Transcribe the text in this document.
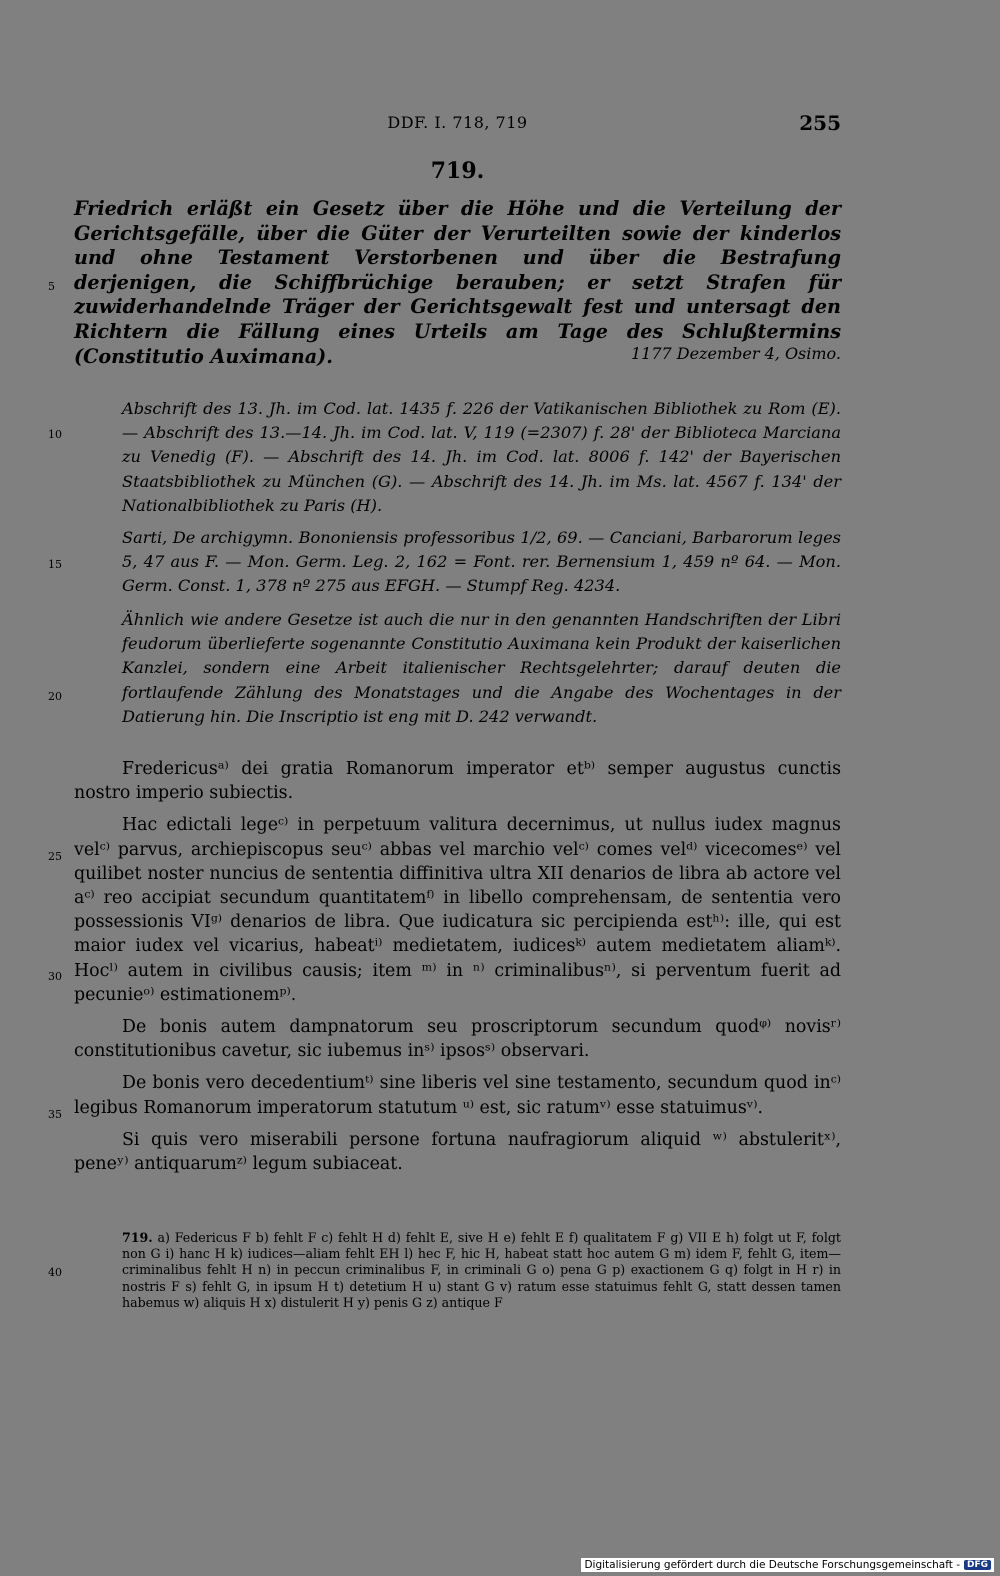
DDF. I. 718, 719	255
719.
5
10
15
20
25
30
35
40
Friedrich erläßt ein Gesetz über die Höhe und die Verteilung der Gerichtsgefälle, über die Güter der Verurteilten sowie der kinderlos und ohne Testament Verstorbenen und über die Bestrafung derjenigen, die Schiffbrüchige berauben; er setzt Strafen für zuwiderhandelnde Träger der Gerichtsgewalt fest und untersagt den Richtern die Fällung eines Urteils am Tage des Schlußtermins (Constitutio Auximana).	1177 Dezember 4, Osimo.
Abschrift des 13. Jh. im Cod. lat. 1435 f. 226 der Vatikanischen Bibliothek zu Rom (E). — Abschrift des 13.—14. Jh. im Cod. lat. V, 119 (=2307) f. 28' der Biblioteca Marciana zu Venedig (F). — Abschrift des 14. Jh. im Cod. lat. 8006 f. 142' der Bayerischen Staatsbibliothek zu München (G). — Abschrift des 14. Jh. im Ms. lat. 4567 f. 134' der Nationalbibliothek zu Paris (H).
Sarti, De archigymn. Bononiensis professoribus 1/2, 69. — Canciani, Barbarorum leges 5, 47 aus F. — Mon. Germ. Leg. 2, 162 = Font. rer. Bernensium 1, 459 nº 64. — Mon. Germ. Const. 1, 378 nº 275 aus EFGH. — Stumpf Reg. 4234.
Ähnlich wie andere Gesetze ist auch die nur in den genannten Handschriften der Libri feudorum überlieferte sogenannte Constitutio Auximana kein Produkt der kaiserlichen Kanzlei, sondern eine Arbeit italienischer Rechtsgelehrter; darauf deuten die fortlaufende Zählung des Monatstages und die Angabe des Wochentages in der Datierung hin. Die Inscriptio ist eng mit D. 242 verwandt.

Fredericusᵃ⁾ dei gratia Romanorum imperator etᵇ⁾ semper augustus cunctis nostro imperio subiectis.

Hac edictali legeᶜ⁾ in perpetuum valitura decernimus, ut nullus iudex magnus velᶜ⁾ parvus, archiepiscopus seuᶜ⁾ abbas vel marchio velᶜ⁾ comes velᵈ⁾ vicecomesᵉ⁾ vel quilibet noster nuncius de sententia diffinitiva ultra XII denarios de libra ab actore vel aᶜ⁾ reo accipiat secundum quantitatemᶠ⁾ in libello comprehensam, de sententia vero possessionis VIᵍ⁾ denarios de libra. Que iudicatura sic percipienda estʰ⁾: ille, qui est maior iudex vel vicarius, habeatⁱ⁾ medietatem, iudicesᵏ⁾ autem medietatem aliamᵏ⁾. Hocˡ⁾ autem in civilibus causis; item ᵐ⁾ in ⁿ⁾ criminalibusⁿ⁾, si perventum fuerit ad pecunieᵒ⁾ estimationemᵖ⁾.

De bonis autem dampnatorum seu proscriptorum secundum quodᵠ⁾ novisʳ⁾ constitutionibus cavetur, sic iubemus inˢ⁾ ipsosˢ⁾ observari.

De bonis vero decedentiumᵗ⁾ sine liberis vel sine testamento, secundum quod inᶜ⁾ legibus Romanorum imperatorum statutum ᵘ⁾ est, sic ratumᵛ⁾ esse statuimusᵛ⁾.

Si quis vero miserabili persone fortuna naufragiorum aliquid ʷ⁾ abstuleritˣ⁾, peneʸ⁾ antiquarumᶻ⁾ legum subiaceat.

719. a) Federicus F b) fehlt F c) fehlt H d) fehlt E, sive H e) fehlt E f) qualitatem F g) VII E h) folgt ut F, folgt non G i) hanc H k) iudices—aliam fehlt EH l) hec F, hic H, habeat statt hoc autem G m) idem F, fehlt G, item—criminalibus fehlt H n) in peccun criminalibus F, in criminali G o) pena G p) exactionem G q) folgt in H r) in nostris F s) fehlt G, in ipsum H t) detetium H u) stant G v) ratum esse statuimus fehlt G, statt dessen tamen habemus w) aliquis H x) distulerit H y) penis G z) antique F
Digitalisierung gefördert durch die Deutsche Forschungsgemeinschaft - DFG
